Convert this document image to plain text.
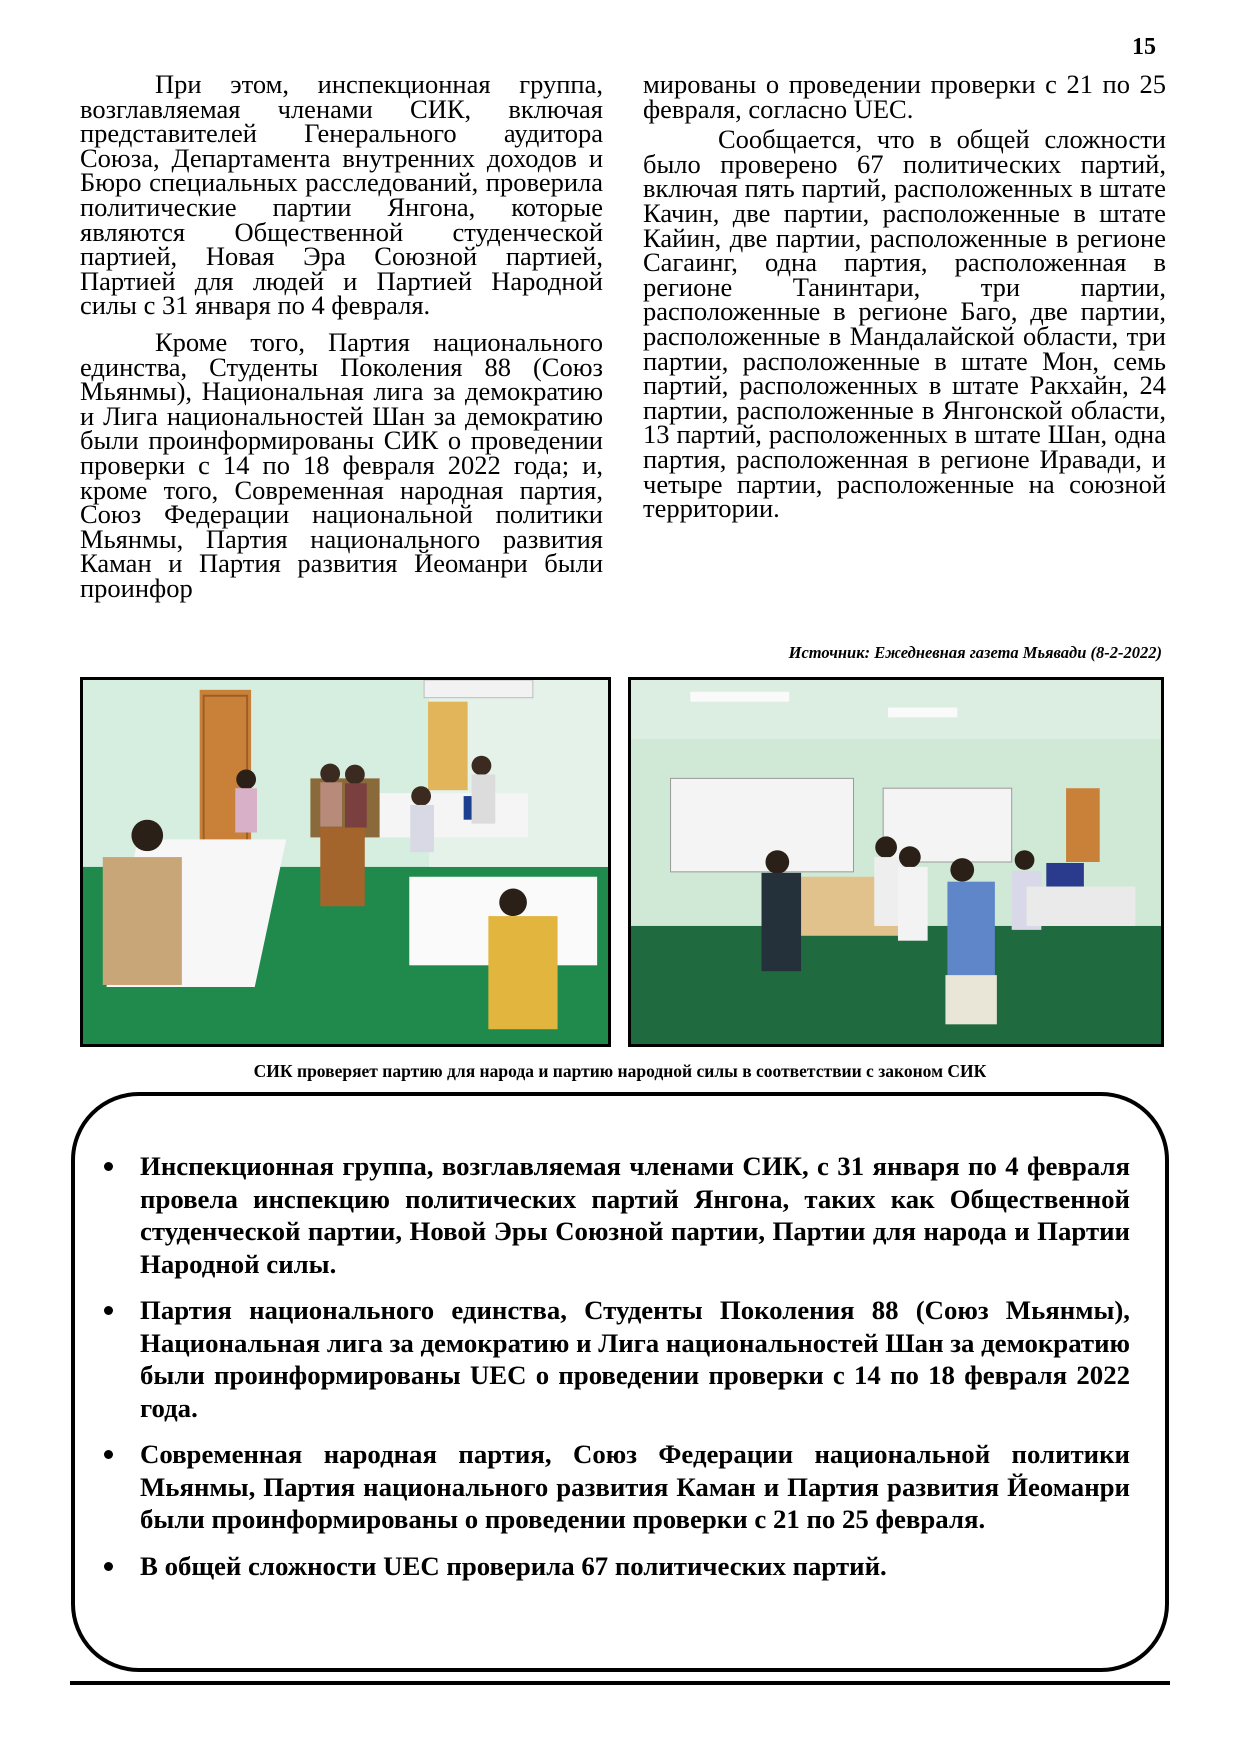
15

При этом, инспекционная группа, возглавляемая членами СИК, включая представителей Генерального аудитора Союза, Департамента внутренних доходов и Бюро специальных расследований, проверила политические партии Янгона, которые являются Общественной студенческой партией, Новая Эра Союзной партией, Партией для людей и Партией Народной силы с 31 января по 4 февраля.

Кроме того, Партия национального единства, Студенты Поколения 88 (Союз Мьянмы), Национальная лига за демократию и Лига национальностей Шан за демократию были проинформированы СИК о проведении проверки с 14 по 18 февраля 2022 года; и, кроме того, Современная народная партия, Союз Федерации национальной политики Мьянмы, Партия национального развития Каман и Партия развития Йеоманри были проинфор

мированы о проведении проверки с 21 по 25 февраля, согласно UEC.

Сообщается, что в общей сложности было проверено 67 политических партий, включая пять партий, расположенных в штате Качин, две партии, расположенные в штате Кайин, две партии, расположенные в регионе Сагаинг, одна партия, расположенная в регионе Танинтари, три партии, расположенные в регионе Баго, две партии, расположенные в Мандалайской области, три партии, расположенные в штате Мон, семь партий, расположенных в штате Ракхайн, 24 партии, расположенные в Янгонской области, 13 партий, расположенных в штате Шан, одна партия, расположенная в регионе Иравади, и четыре партии, расположенные на союзной территории.

Источник: Ежедневная газета Мьявади (8-2-2022)
СИК проверяет партию для народа и партию народной силы в соответствии с законом СИК
Инспекционная группа, возглавляемая членами СИК, с 31 января по 4 февраля провела инспекцию политических партий Янгона, таких как Общественной студенческой партии, Новой Эры Союзной партии, Партии для народа и Партии Народной силы.
Партия национального единства, Студенты Поколения 88 (Союз Мьянмы), Национальная лига за демократию и Лига национальностей Шан за демократию были проинформированы UEC о проведении проверки с 14 по 18 февраля 2022 года.
Современная народная партия, Союз Федерации национальной политики Мьянмы, Партия национального развития Каман и Партия развития Йеоманри были проинформированы о проведении проверки с 21 по 25 февраля.
В общей сложности UEC проверила 67 политических партий.
